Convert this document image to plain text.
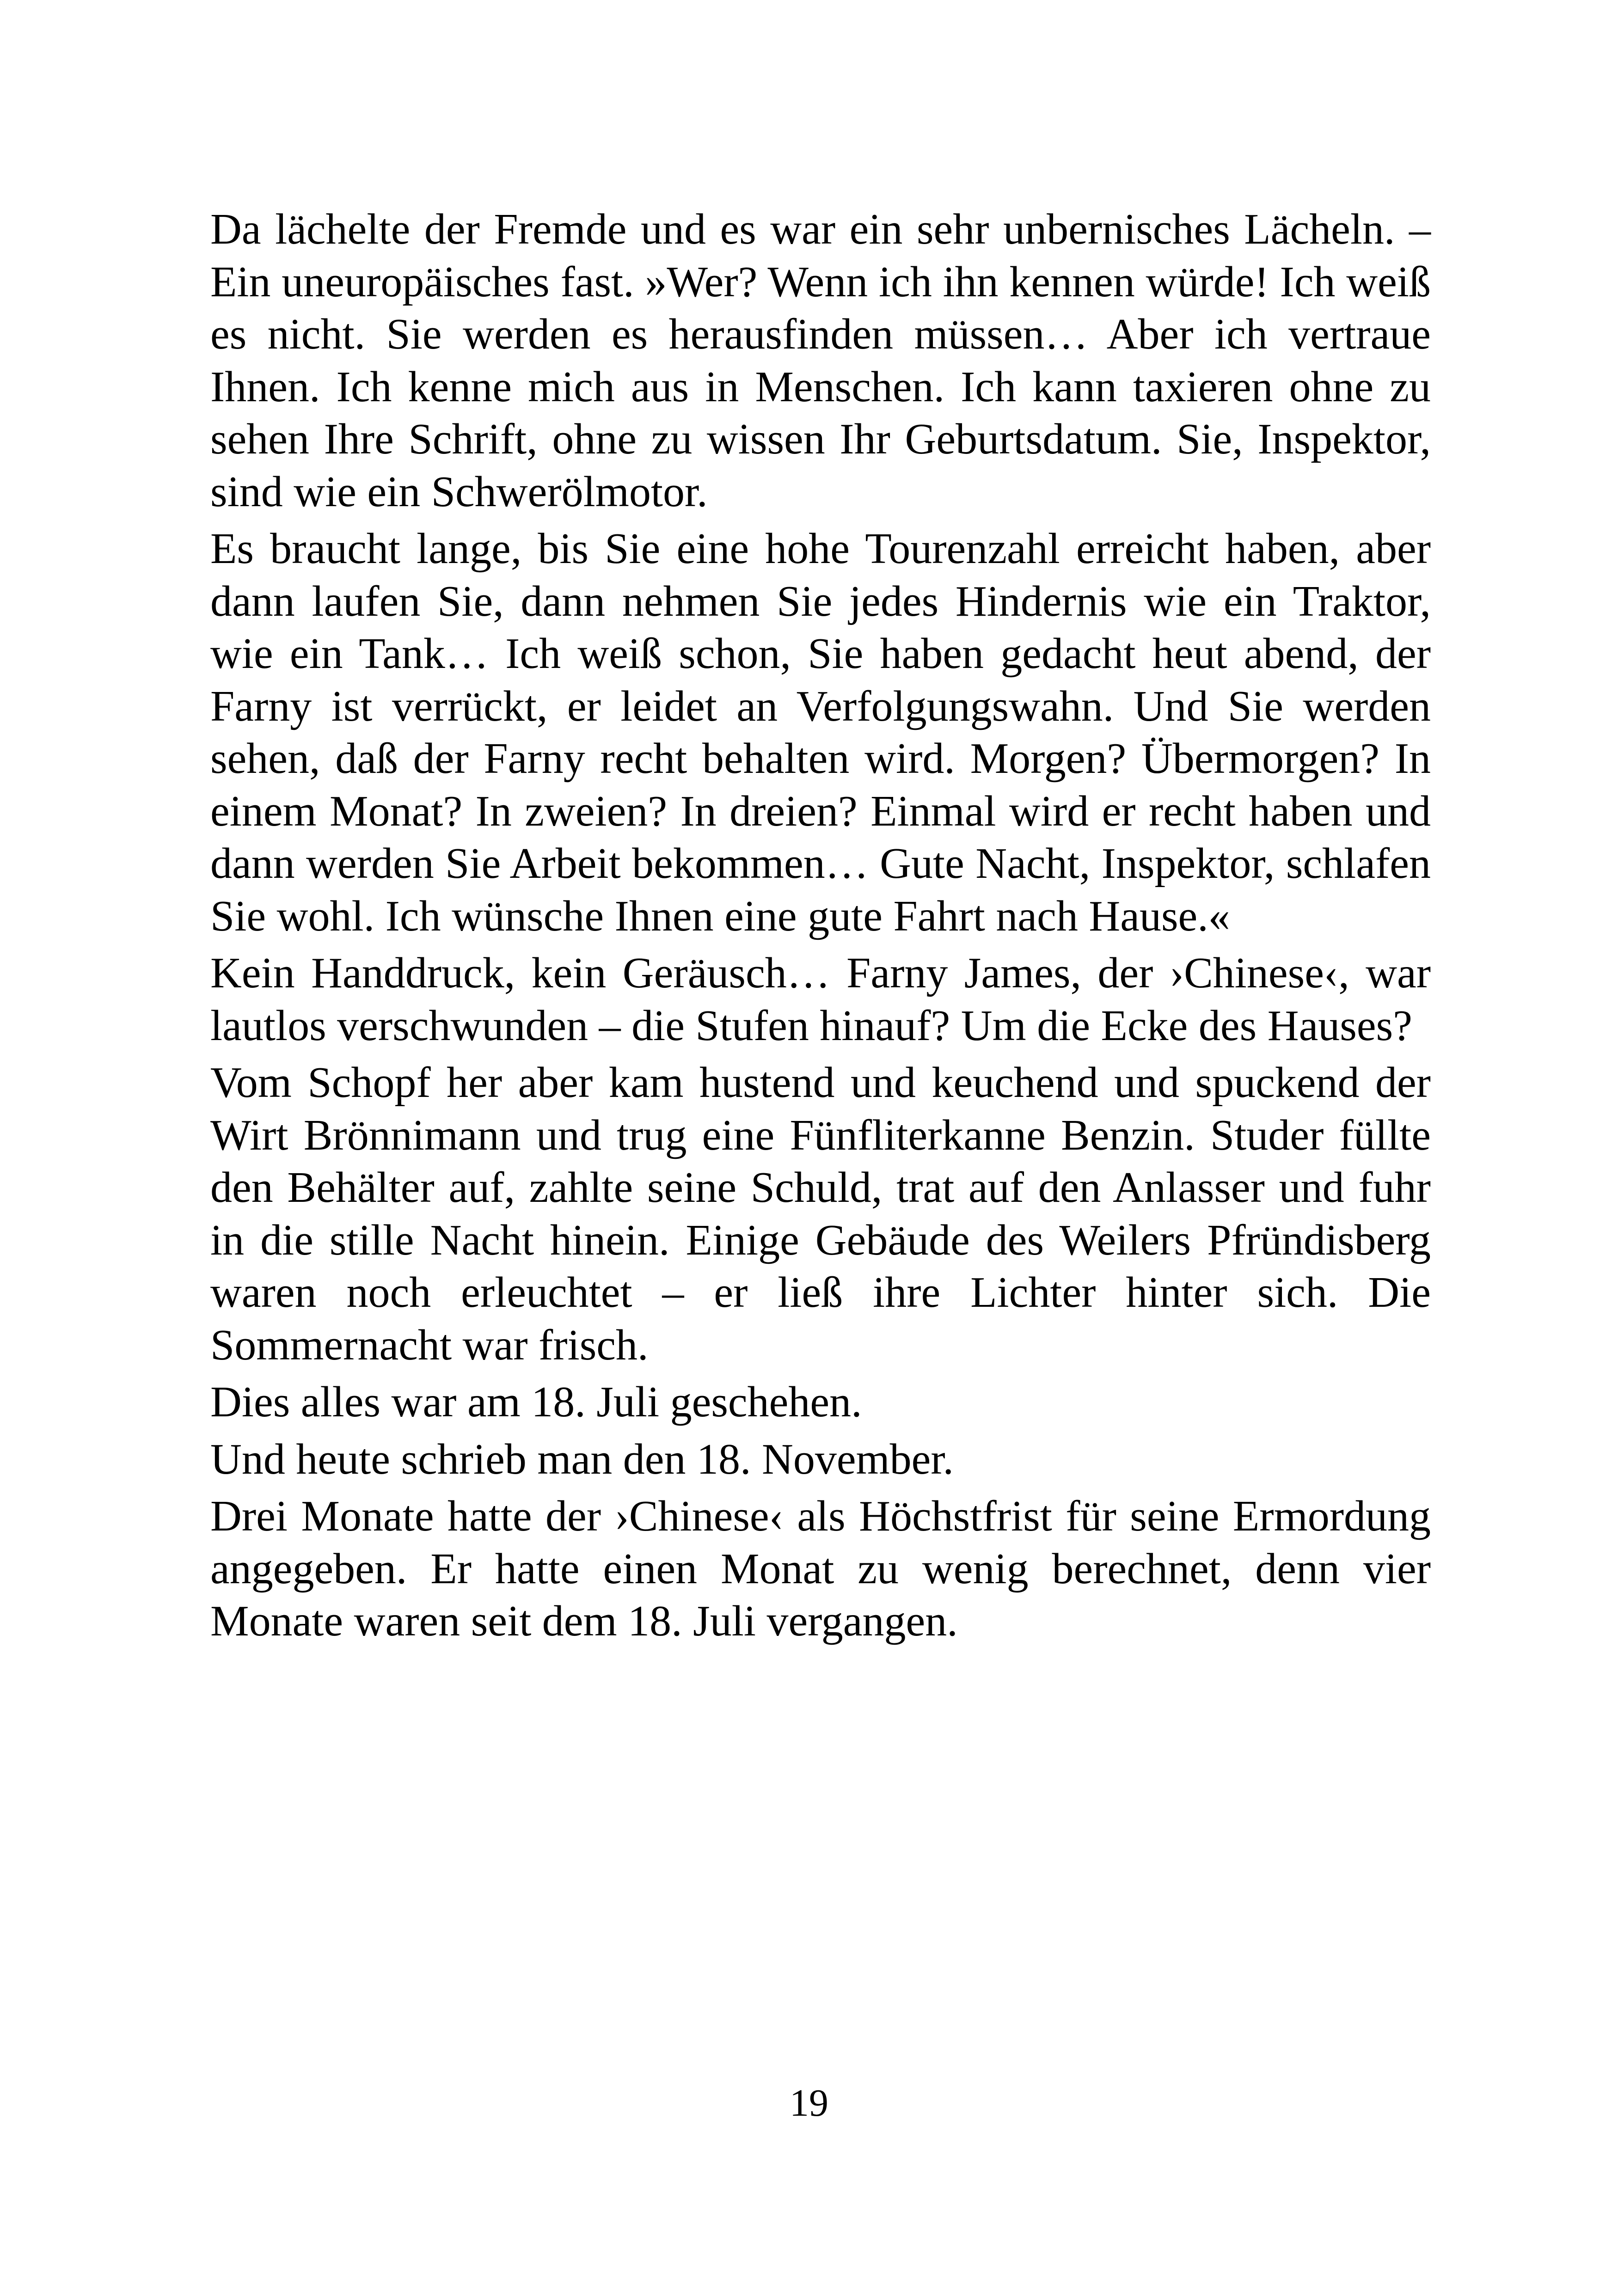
Da lächelte der Fremde und es war ein sehr unbernisches Lächeln. – Ein uneuropäisches fast. »Wer? Wenn ich ihn kennen würde! Ich weiß es nicht. Sie werden es herausfinden müssen… Aber ich vertraue Ihnen. Ich kenne mich aus in Menschen. Ich kann taxieren ohne zu sehen Ihre Schrift, ohne zu wissen Ihr Geburtsdatum. Sie, Inspektor, sind wie ein Schwerölmotor.

Es braucht lange, bis Sie eine hohe Tourenzahl erreicht haben, aber dann laufen Sie, dann nehmen Sie jedes Hindernis wie ein Traktor, wie ein Tank… Ich weiß schon, Sie haben gedacht heut abend, der Farny ist verrückt, er leidet an Verfolgungswahn. Und Sie werden sehen, daß der Farny recht behalten wird. Morgen? Übermorgen? In einem Monat? In zweien? In dreien? Einmal wird er recht haben und dann werden Sie Arbeit bekommen… Gute Nacht, Inspektor, schlafen Sie wohl. Ich wünsche Ihnen eine gute Fahrt nach Hause.«

Kein Handdruck, kein Geräusch… Farny James, der ›Chinese‹, war lautlos verschwunden – die Stufen hinauf? Um die Ecke des Hauses?

Vom Schopf her aber kam hustend und keuchend und spuckend der Wirt Brönnimann und trug eine Fünfliterkanne Benzin. Studer füllte den Behälter auf, zahlte seine Schuld, trat auf den Anlasser und fuhr in die stille Nacht hinein. Einige Gebäude des Weilers Pfründisberg waren noch erleuchtet – er ließ ihre Lichter hinter sich. Die Sommernacht war frisch.

Dies alles war am 18. Juli geschehen.

Und heute schrieb man den 18. November.

Drei Monate hatte der ›Chinese‹ als Höchstfrist für seine Ermordung angegeben. Er hatte einen Monat zu wenig berechnet, denn vier Monate waren seit dem 18. Juli vergangen.

19
